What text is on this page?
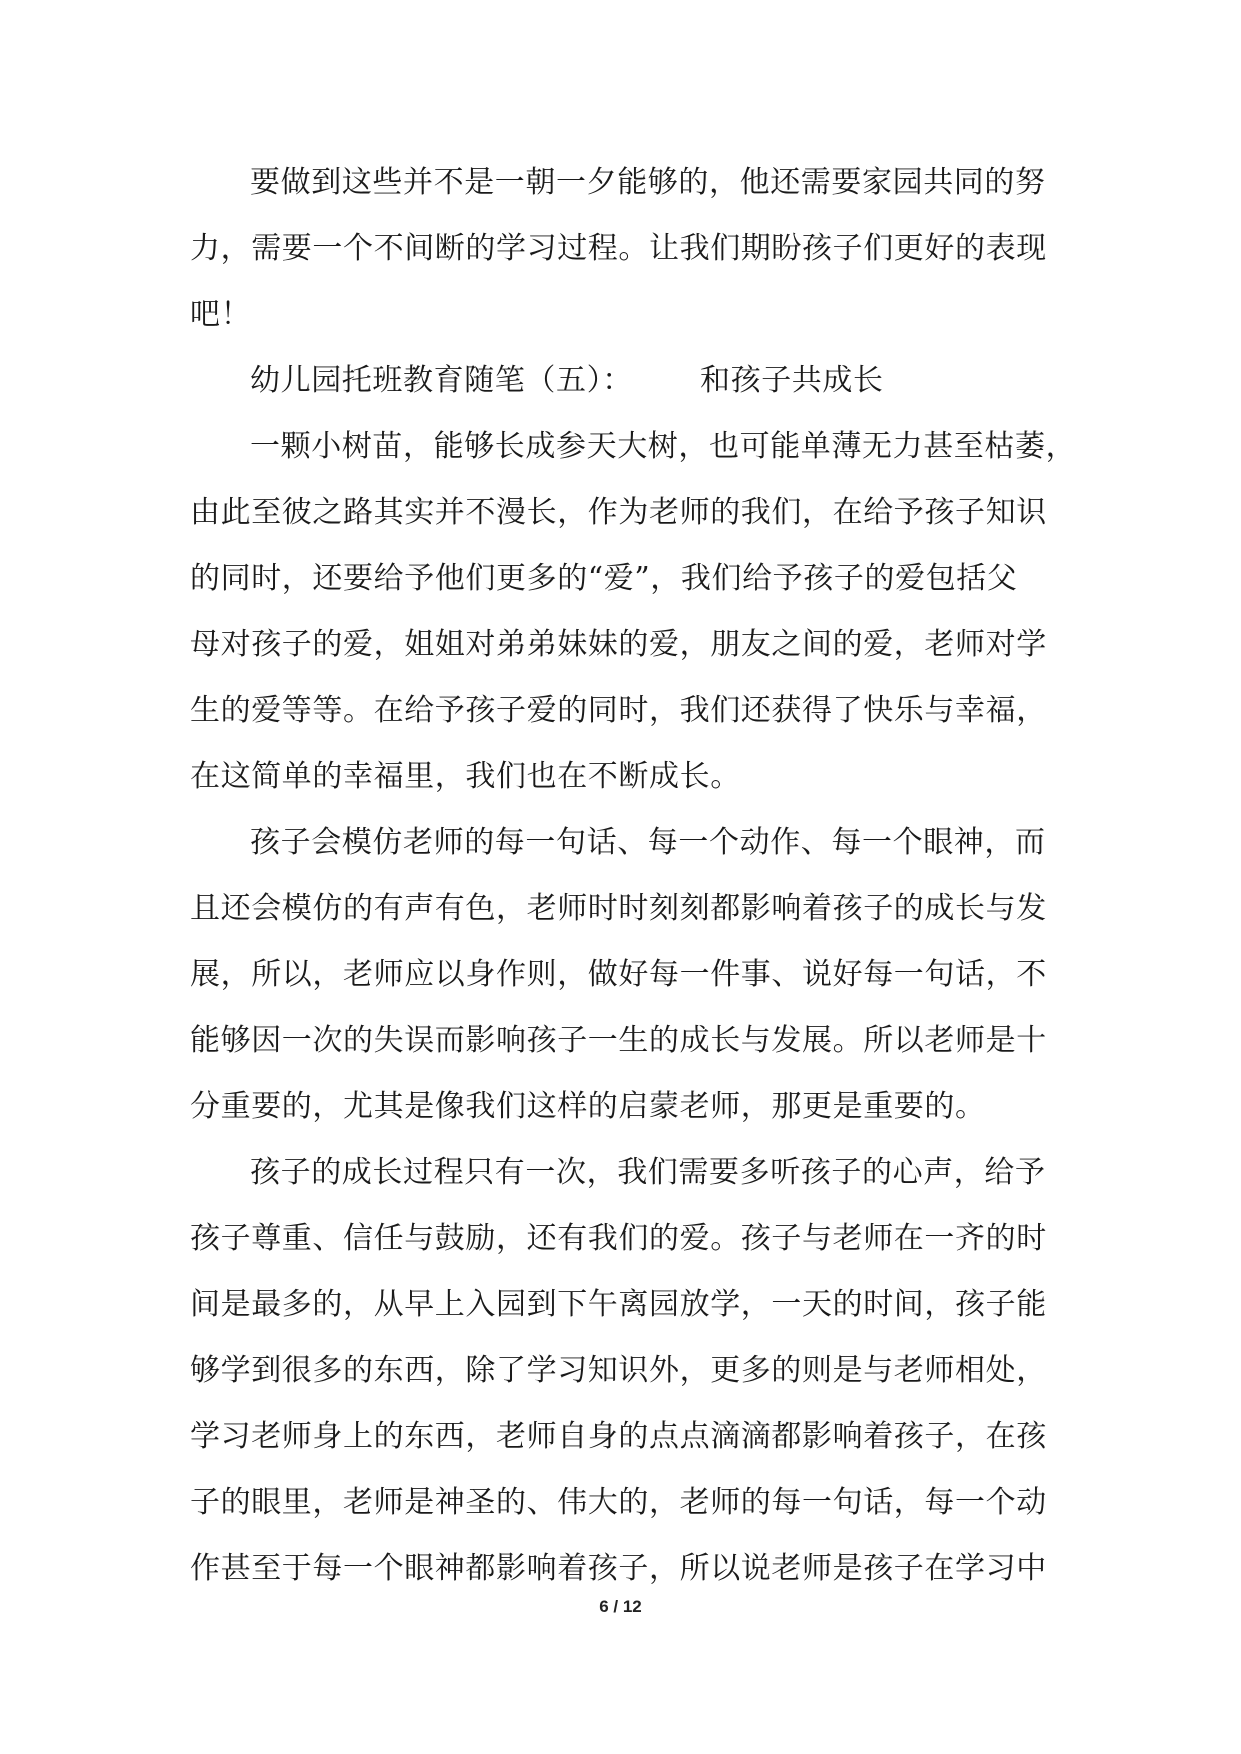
要做到这些并不是一朝一夕能够的，他还需要家园共同的努
力，需要一个不间断的学习过程。让我们期盼孩子们更好的表现
吧！
幼儿园托班教育随笔（五）：	和孩子共成长
一颗小树苗，能够长成参天大树，也可能单薄无力甚至枯萎，
由此至彼之路其实并不漫长，作为老师的我们，在给予孩子知识
的同时，还要给予他们更多的“爱”，我们给予孩子的爱包括父
母对孩子的爱，姐姐对弟弟妹妹的爱，朋友之间的爱，老师对学
生的爱等等。在给予孩子爱的同时，我们还获得了快乐与幸福，
在这简单的幸福里，我们也在不断成长。
孩子会模仿老师的每一句话、每一个动作、每一个眼神，而
且还会模仿的有声有色，老师时时刻刻都影响着孩子的成长与发
展，所以，老师应以身作则，做好每一件事、说好每一句话，不
能够因一次的失误而影响孩子一生的成长与发展。所以老师是十
分重要的，尤其是像我们这样的启蒙老师，那更是重要的。
孩子的成长过程只有一次，我们需要多听孩子的心声，给予
孩子尊重、信任与鼓励，还有我们的爱。孩子与老师在一齐的时
间是最多的，从早上入园到下午离园放学，一天的时间，孩子能
够学到很多的东西，除了学习知识外，更多的则是与老师相处，
学习老师身上的东西，老师自身的点点滴滴都影响着孩子，在孩
子的眼里，老师是神圣的、伟大的，老师的每一句话，每一个动
作甚至于每一个眼神都影响着孩子，所以说老师是孩子在学习中
6 / 12
